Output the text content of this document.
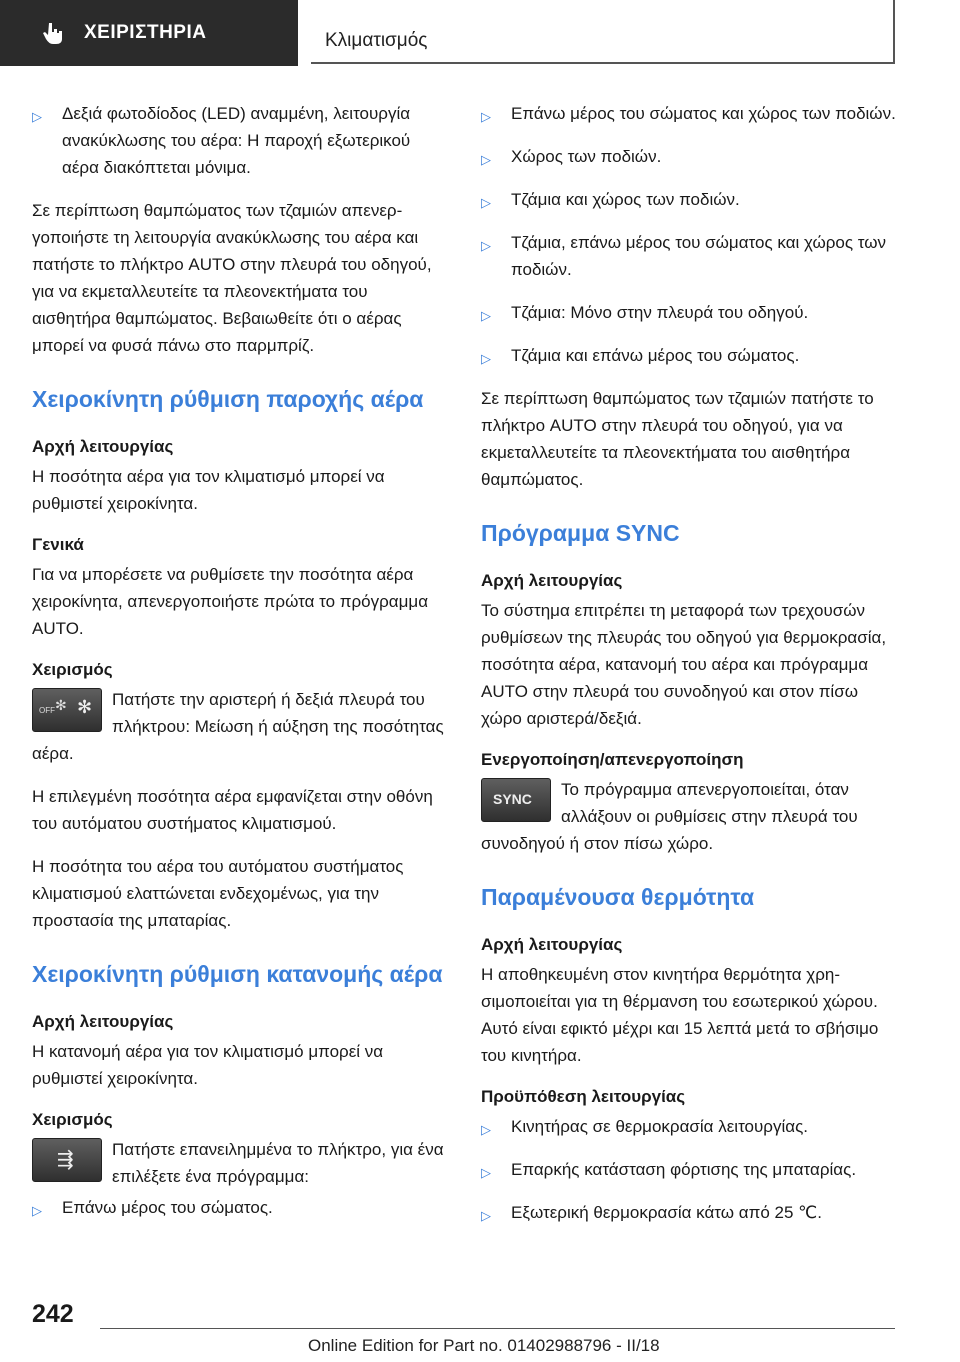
ΧΕΙΡΙΣΤΗΡΙΑ	Κλιματισμός
▷ Δεξιά φωτοδίοδος (LED) αναμμένη, λειτουργία ανακύκλωσης του αέρα: Η παροχή εξωτερικού αέρα διακόπτεται μόνιμα.

Σε περίπτωση θαμπώματος των τζαμιών απενεργοποιήστε τη λειτουργία ανακύκλωσης του αέρα και πατήστε το πλήκτρο AUTO στην πλευρά του οδηγού, για να εκμεταλλευτείτε τα πλεονεκτήματα του αισθητήρα θαμπώματος. Βεβαιωθείτε ότι ο αέρας μπορεί να φυσά πάνω στο παρμπρίζ.

Χειροκίνητη ρύθμιση παροχής αέρα
Αρχή λειτουργίας

Η ποσότητα αέρα για τον κλιματισμό μπορεί να ρυθμιστεί χειροκίνητα.

Γενικά

Για να μπορέσετε να ρυθμίσετε την ποσότητα αέρα χειροκίνητα, απενεργοποιήστε πρώτα το πρόγραμμα AUTO.

Χειρισμός
OFF ✻ ✻	Πατήστε την αριστερή ή δεξιά πλευρά του πλήκτρου: Μείωση ή αύξηση της ποσότητας αέρα.

Η επιλεγμένη ποσότητα αέρα εμφανίζεται στην οθόνη του αυτόματου συστήματος κλιματισμού.

Η ποσότητα του αέρα του αυτόματου συστήματος κλιματισμού ελαττώνεται ενδεχομένως, για την προστασία της μπαταρίας.

Χειροκίνητη ρύθμιση κατανομής αέρα
Αρχή λειτουργίας

Η κατανομή αέρα για τον κλιματισμό μπορεί να ρυθμιστεί χειροκίνητα.

Χειρισμός
⇶	Πατήστε επανειλημμένα το πλήκτρο, για ένα επιλέξετε ένα πρόγραμμα:

▷ Επάνω μέρος του σώματος.
▷ Επάνω μέρος του σώματος και χώρος των ποδιών.
▷ Χώρος των ποδιών.
▷ Τζάμια και χώρος των ποδιών.
▷ Τζάμια, επάνω μέρος του σώματος και χώρος των ποδιών.
▷ Τζάμια: Μόνο στην πλευρά του οδηγού.
▷ Τζάμια και επάνω μέρος του σώματος.

Σε περίπτωση θαμπώματος των τζαμιών πατήστε το πλήκτρο AUTO στην πλευρά του οδηγού, για να εκμεταλλευτείτε τα πλεονεκτήματα του αισθητήρα θαμπώματος.

Πρόγραμμα SYNC
Αρχή λειτουργίας

Το σύστημα επιτρέπει τη μεταφορά των τρεχουσών ρυθμίσεων της πλευράς του οδηγού για θερμοκρασία, ποσότητα αέρα, κατανομή του αέρα και πρόγραμμα AUTO στην πλευρά του συνοδηγού και στον πίσω χώρο αριστερά/δεξιά.

Ενεργοποίηση/απενεργοποίηση
SYNC	Το πρόγραμμα απενεργοποιείται, όταν αλλάξουν οι ρυθμίσεις στην πλευρά του συνοδηγού ή στον πίσω χώρο.

Παραμένουσα θερμότητα
Αρχή λειτουργίας

Η αποθηκευμένη στον κινητήρα θερμότητα χρησιμοποιείται για τη θέρμανση του εσωτερικού χώρου. Αυτό είναι εφικτό μέχρι και 15 λεπτά μετά το σβήσιμο του κινητήρα.

Προϋπόθεση λειτουργίας
▷ Κινητήρας σε θερμοκρασία λειτουργίας.
▷ Επαρκής κατάσταση φόρτισης της μπαταρίας.
▷ Εξωτερική θερμοκρασία κάτω από 25 ℃.
242
Online Edition for Part no. 01402988796 - II/18
